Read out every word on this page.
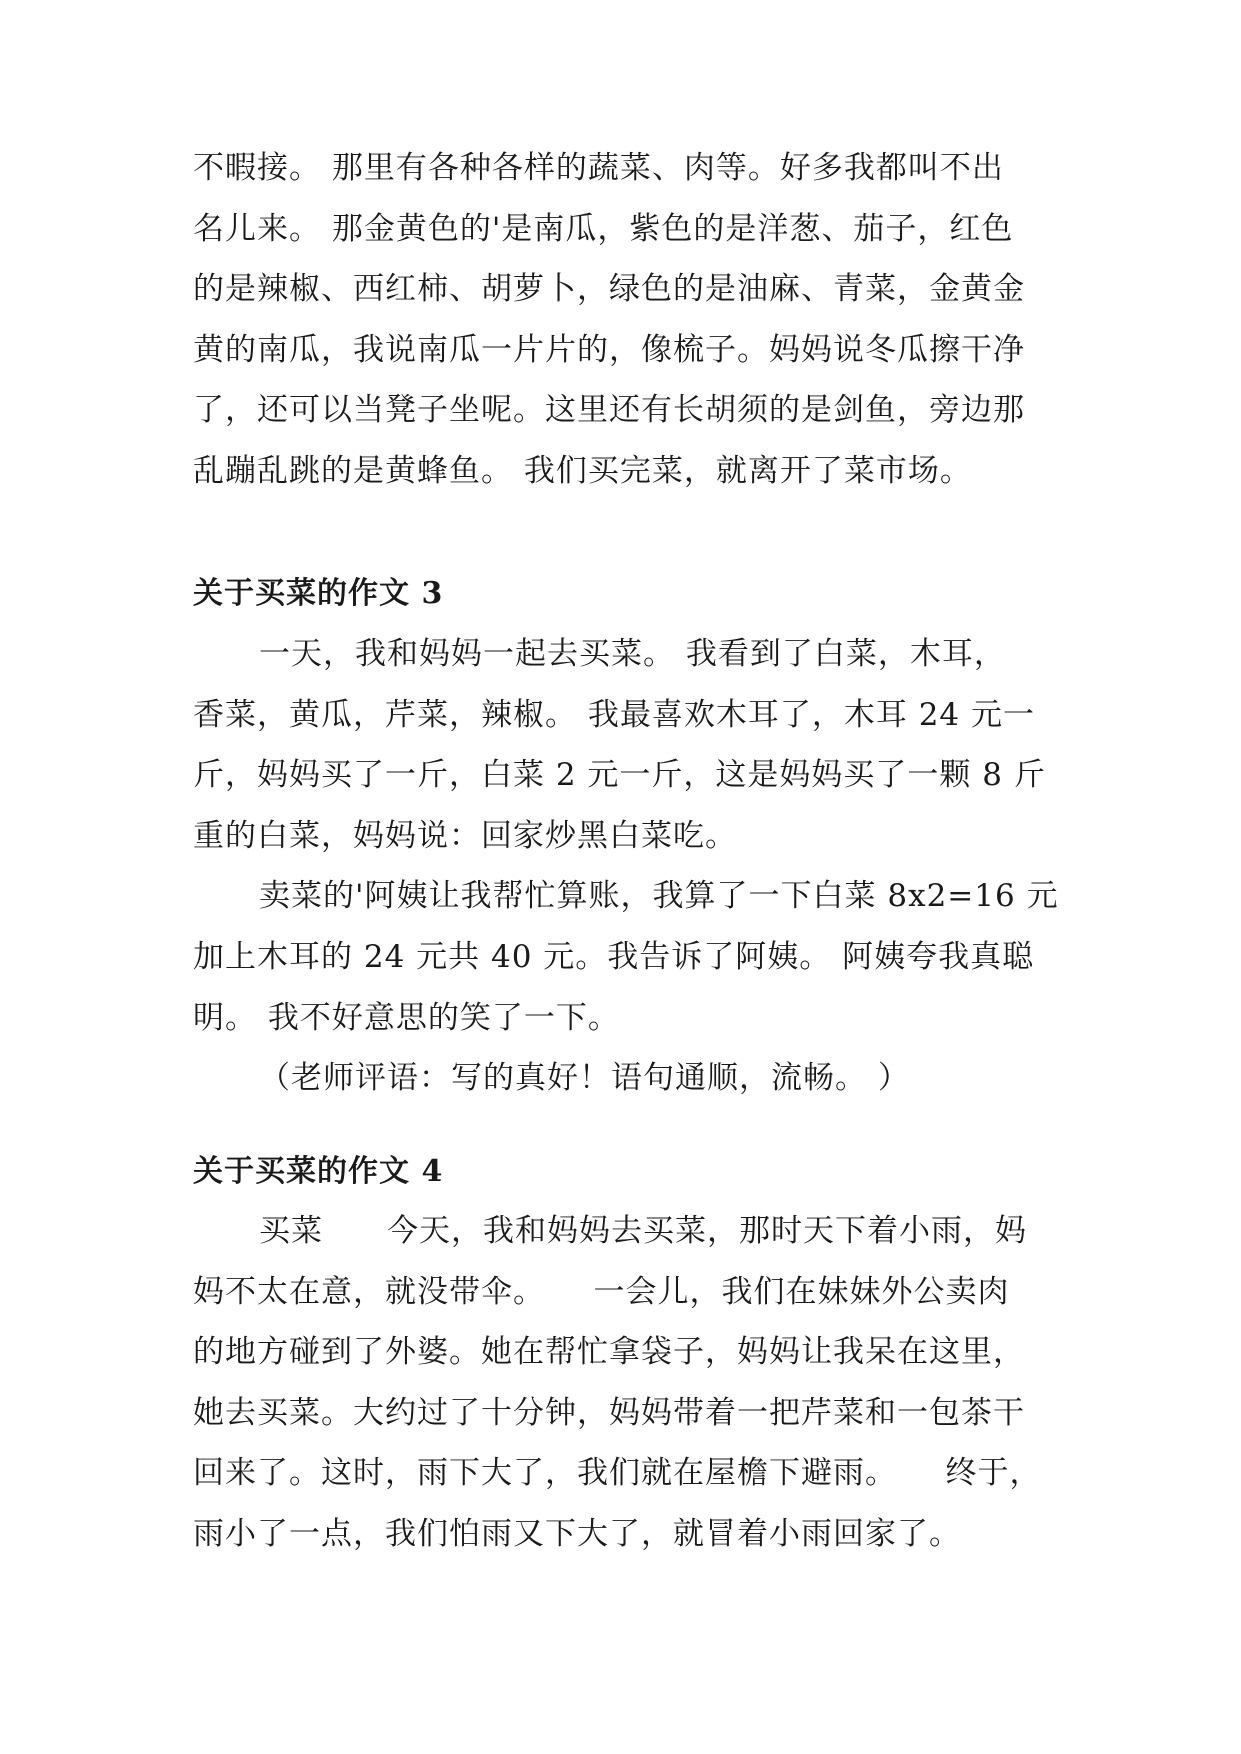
不暇接。 那里有各种各样的蔬菜、肉等。好多我都叫不出
名儿来。 那金黄色的'是南瓜，紫色的是洋葱、茄子，红色
的是辣椒、西红柿、胡萝卜，绿色的是油麻、青菜，金黄金
黄的南瓜，我说南瓜一片片的，像梳子。妈妈说冬瓜擦干净
了，还可以当凳子坐呢。这里还有长胡须的是剑鱼，旁边那
乱蹦乱跳的是黄蜂鱼。 我们买完菜，就离开了菜市场。

关于买菜的作文 3

一天，我和妈妈一起去买菜。 我看到了白菜，木耳，
香菜，黄瓜，芹菜，辣椒。 我最喜欢木耳了，木耳 24 元一
斤，妈妈买了一斤，白菜 2 元一斤，这是妈妈买了一颗 8 斤
重的白菜，妈妈说：回家炒黑白菜吃。

卖菜的'阿姨让我帮忙算账，我算了一下白菜 8x2=16 元
加上木耳的 24 元共 40 元。我告诉了阿姨。 阿姨夸我真聪
明。 我不好意思的笑了一下。

（老师评语：写的真好！语句通顺，流畅。 ）

关于买菜的作文 4

买菜　　今天，我和妈妈去买菜，那时天下着小雨，妈
妈不太在意，就没带伞。　　一会儿，我们在妹妹外公卖肉
的地方碰到了外婆。她在帮忙拿袋子，妈妈让我呆在这里，
她去买菜。大约过了十分钟，妈妈带着一把芹菜和一包茶干
回来了。这时，雨下大了，我们就在屋檐下避雨。　　终于，
雨小了一点，我们怕雨又下大了，就冒着小雨回家了。
